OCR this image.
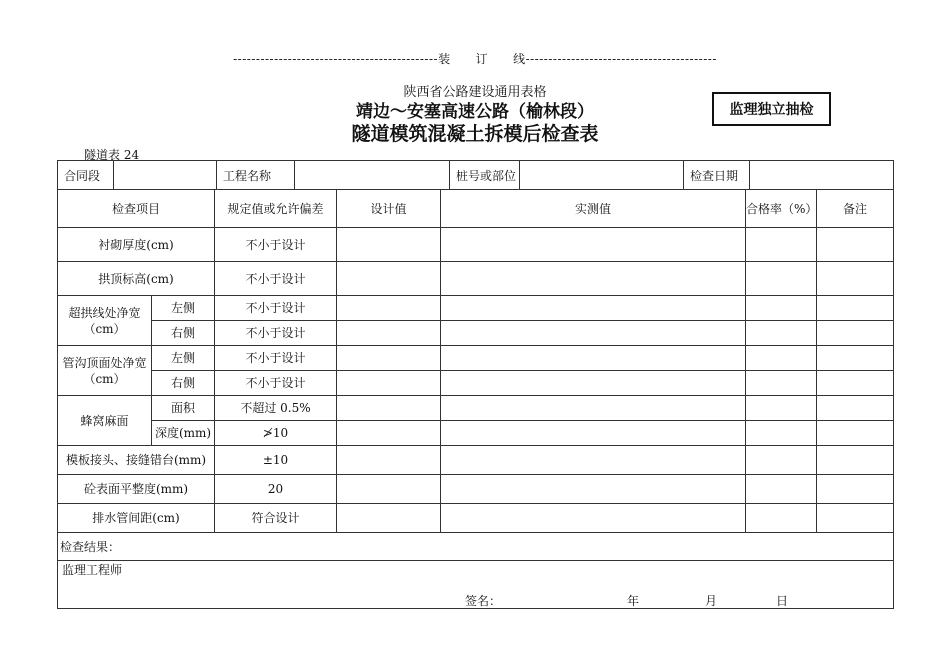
---------------------------------------------装　　订　　线------------------------------------------
陕西省公路建设通用表格
靖边～安塞高速公路（榆林段）
隧道模筑混凝土拆模后检查表
监理独立抽检
隧道表 24
合同段		工程名称		桩号或部位		检查日期	
检查项目		规定值或允许偏差	设计值	实测值	合格率（%）	备注
衬砌厚度(cm)		不小于设计				
拱顶标高(cm)		不小于设计				
超拱线处净宽（cm）	左侧	不小于设计				
	右侧	不小于设计				
管沟顶面处净宽（cm）	左侧	不小于设计				
	右侧	不小于设计				
蜂窝麻面	面积	不超过 0.5%				
	深度(mm)	≯10				
模板接头、接缝错台(mm)		±10				
砼表面平整度(mm)		20				
排水管间距(cm)		符合设计				
检查结果：						

监理工程师
签名： 年 月 日						
